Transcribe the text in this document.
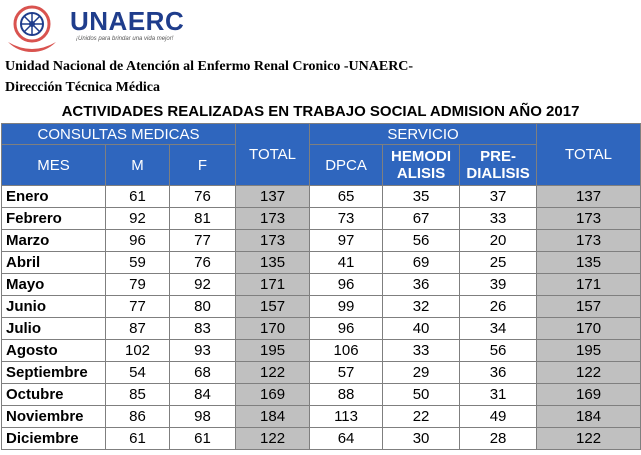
UNAERC
¡Unidos para brindar una vida mejor!
Unidad Nacional de Atención al Enfermo Renal Cronico -UNAERC-
Dirección Técnica Médica
ACTIVIDADES REALIZADAS EN TRABAJO SOCIAL ADMISION AÑO 2017
CONSULTAS MEDICAS			TOTAL	SERVICIO			TOTAL
MES	M	F		DPCA	HEMODI ALISIS	PRE- DIALISIS	
Enero	61	76	137	65	35	37	137
Febrero	92	81	173	73	67	33	173
Marzo	96	77	173	97	56	20	173
Abril	59	76	135	41	69	25	135
Mayo	79	92	171	96	36	39	171
Junio	77	80	157	99	32	26	157
Julio	87	83	170	96	40	34	170
Agosto	102	93	195	106	33	56	195
Septiembre	54	68	122	57	29	36	122
Octubre	85	84	169	88	50	31	169
Noviembre	86	98	184	113	22	49	184
Diciembre	61	61	122	64	30	28	122
